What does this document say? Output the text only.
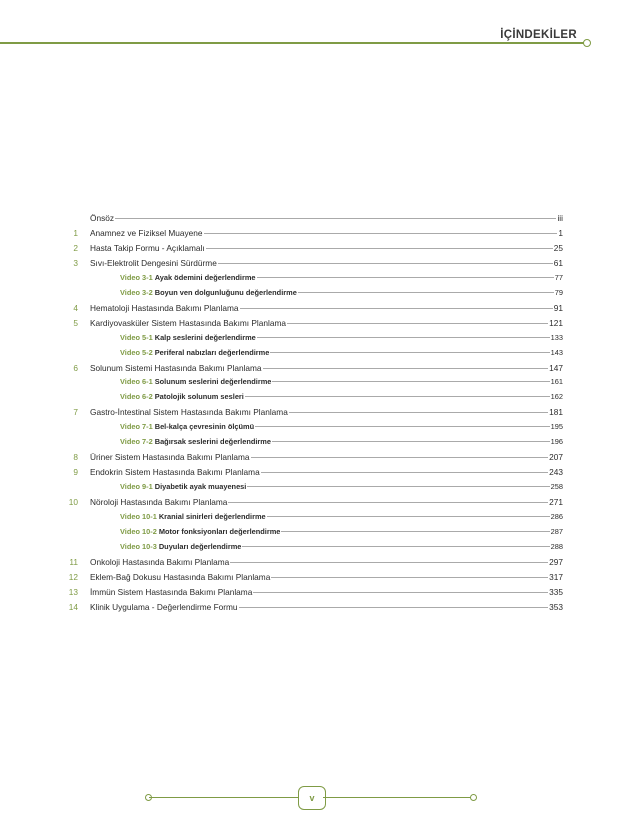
İÇİNDEKİLER
Önsöz	iii
1 Anamnez ve Fiziksel Muayene	1
2 Hasta Takip Formu - Açıklamalı	25
3 Sıvı-Elektrolit Dengesini Sürdürme	61
Video 3-1 Ayak ödemini değerlendirme	77
Video 3-2 Boyun ven dolgunluğunu değerlendirme	79
4 Hematoloji Hastasında Bakımı Planlama	91
5 Kardiyovasküler Sistem Hastasında Bakımı Planlama	121
Video 5-1 Kalp seslerini değerlendirme	133
Video 5-2 Periferal nabızları değerlendirme	143
6 Solunum Sistemi Hastasında Bakımı Planlama	147
Video 6-1 Solunum seslerini değerlendirme	161
Video 6-2 Patolojik solunum sesleri	162
7 Gastro-İntestinal Sistem Hastasında Bakımı Planlama	181
Video 7-1 Bel-kalça çevresinin ölçümü	195
Video 7-2 Bağırsak seslerini değerlendirme	196
8 Üriner Sistem Hastasında Bakımı Planlama	207
9 Endokrin Sistem Hastasında Bakımı Planlama	243
Video 9-1 Diyabetik ayak muayenesi	258
10 Nöroloji Hastasında Bakımı Planlama	271
Video 10-1 Kranial sinirleri değerlendirme	286
Video 10-2 Motor fonksiyonları değerlendirme	287
Video 10-3 Duyuları değerlendirme	288
11 Onkoloji Hastasında Bakımı Planlama	297
12 Eklem-Bağ Dokusu Hastasında Bakımı Planlama	317
13 İmmün Sistem Hastasında Bakımı Planlama	335
14 Klinik Uygulama - Değerlendirme Formu	353
v
